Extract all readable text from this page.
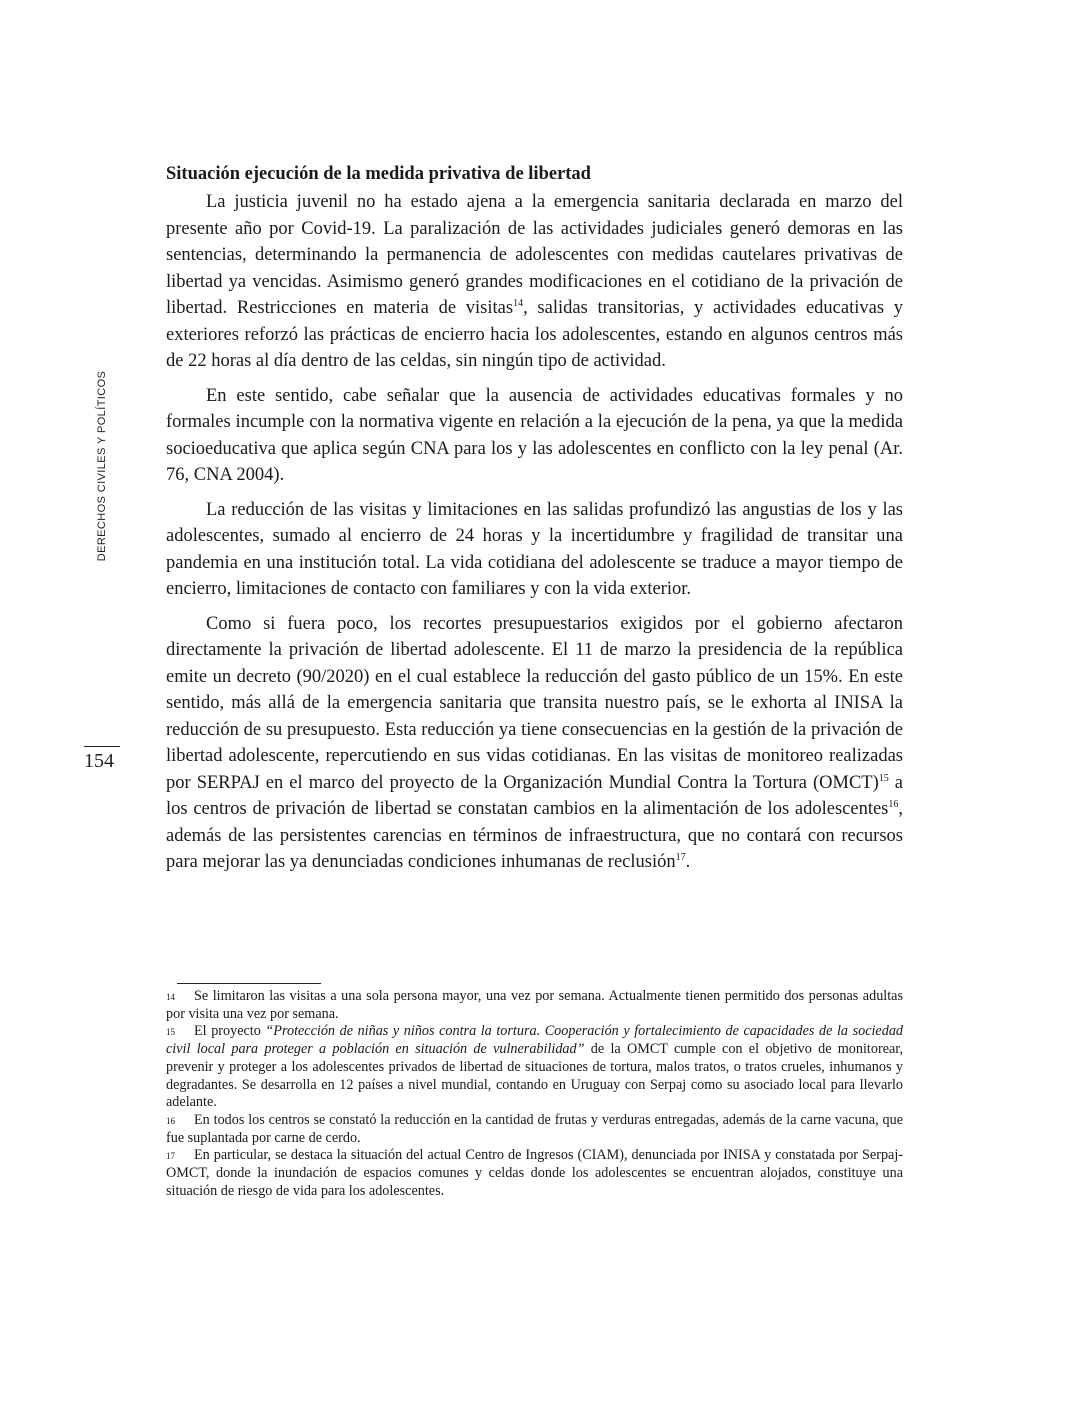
DERECHOS CIVILES Y POLÍTICOS
154
Situación ejecución de la medida privativa de libertad

La justicia juvenil no ha estado ajena a la emergencia sanitaria declarada en marzo del presente año por Covid-19. La paralización de las actividades judiciales generó demoras en las sentencias, determinando la permanencia de adolescentes con medidas cautelares privativas de libertad ya vencidas. Asimismo generó grandes modificaciones en el cotidiano de la privación de libertad. Restricciones en materia de visitas$^{14}$, salidas transitorias, y actividades educativas y exteriores reforzó las prácticas de encierro hacia los adolescentes, estando en algunos centros más de 22 horas al día dentro de las celdas, sin ningún tipo de actividad.

En este sentido, cabe señalar que la ausencia de actividades educativas formales y no formales incumple con la normativa vigente en relación a la ejecución de la pena, ya que la medida socioeducativa que aplica según CNA para los y las adolescentes en conflicto con la ley penal (Ar. 76, CNA 2004).

La reducción de las visitas y limitaciones en las salidas profundizó las angustias de los y las adolescentes, sumado al encierro de 24 horas y la incertidumbre y fragilidad de transitar una pandemia en una institución total. La vida cotidiana del adolescente se traduce a mayor tiempo de encierro, limitaciones de contacto con familiares y con la vida exterior.

Como si fuera poco, los recortes presupuestarios exigidos por el gobierno afectaron directamente la privación de libertad adolescente. El 11 de marzo la presidencia de la república emite un decreto (90/2020) en el cual establece la reducción del gasto público de un 15%. En este sentido, más allá de la emergencia sanitaria que transita nuestro país, se le exhorta al INISA la reducción de su presupuesto. Esta reducción ya tiene consecuencias en la gestión de la privación de libertad adolescente, repercutiendo en sus vidas cotidianas. En las visitas de monitoreo realizadas por SERPAJ en el marco del proyecto de la Organización Mundial Contra la Tortura (OMCT)$^{15}$ a los centros de privación de libertad se constatan cambios en la alimentación de los adolescentes$^{16}$, además de las persistentes carencias en términos de infraestructura, que no contará con recursos para mejorar las ya denunciadas condiciones inhumanas de reclusión$^{17}$.

14 Se limitaron las visitas a una sola persona mayor, una vez por semana. Actualmente tienen permitido dos personas adultas por visita una vez por semana.

15 El proyecto “Protección de niñas y niños contra la tortura. Cooperación y fortalecimiento de capacidades de la sociedad civil local para proteger a población en situación de vulnerabilidad” de la OMCT cumple con el objetivo de monitorear, prevenir y proteger a los adolescentes privados de libertad de situaciones de tortura, malos tratos, o tratos crueles, inhumanos y degradantes. Se desarrolla en 12 países a nivel mundial, contando en Uruguay con Serpaj como su asociado local para llevarlo adelante.

16 En todos los centros se constató la reducción en la cantidad de frutas y verduras entregadas, además de la carne vacuna, que fue suplantada por carne de cerdo.

17 En particular, se destaca la situación del actual Centro de Ingresos (CIAM), denunciada por INISA y constatada por Serpaj-OMCT, donde la inundación de espacios comunes y celdas donde los adolescentes se encuentran alojados, constituye una situación de riesgo de vida para los adolescentes.
